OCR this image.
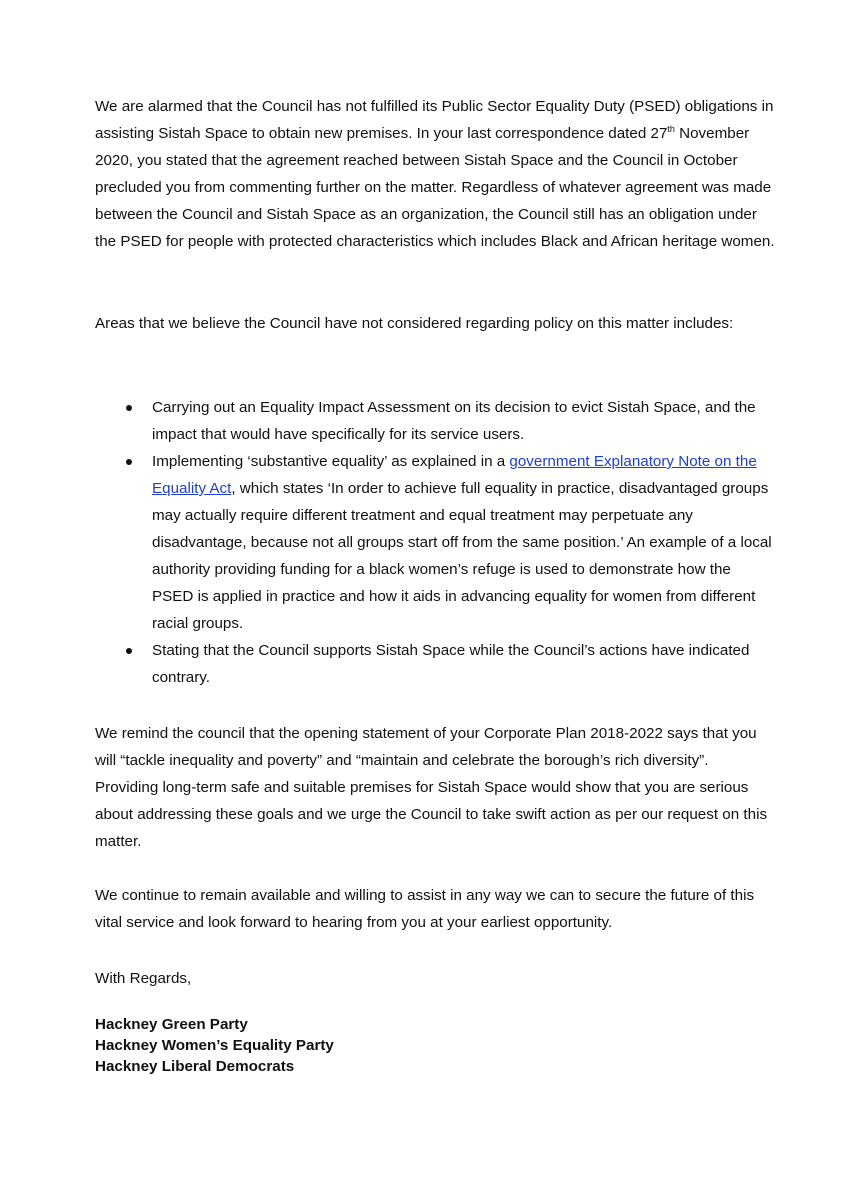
We are alarmed that the Council has not fulfilled its Public Sector Equality Duty (PSED) obligations in assisting Sistah Space to obtain new premises. In your last correspondence dated 27th November 2020, you stated that the agreement reached between Sistah Space and the Council in October precluded you from commenting further on the matter. Regardless of whatever agreement was made between the Council and Sistah Space as an organization, the Council still has an obligation under the PSED for people with protected characteristics which includes Black and African heritage women.

Areas that we believe the Council have not considered regarding policy on this matter includes:

Carrying out an Equality Impact Assessment on its decision to evict Sistah Space, and the impact that would have specifically for its service users.
Implementing ‘substantive equality’ as explained in a government Explanatory Note on the Equality Act, which states ‘In order to achieve full equality in practice, disadvantaged groups may actually require different treatment and equal treatment may perpetuate any disadvantage, because not all groups start off from the same position.’ An example of a local authority providing funding for a black women’s refuge is used to demonstrate how the PSED is applied in practice and how it aids in advancing equality for women from different racial groups.
Stating that the Council supports Sistah Space while the Council’s actions have indicated contrary.

We remind the council that the opening statement of your Corporate Plan 2018-2022 says that you will “tackle inequality and poverty” and “maintain and celebrate the borough’s rich diversity”. Providing long-term safe and suitable premises for Sistah Space would show that you are serious about addressing these goals and we urge the Council to take swift action as per our request on this matter.

We continue to remain available and willing to assist in any way we can to secure the future of this vital service and look forward to hearing from you at your earliest opportunity.

With Regards,

Hackney Green Party
Hackney Women’s Equality Party
Hackney Liberal Democrats
